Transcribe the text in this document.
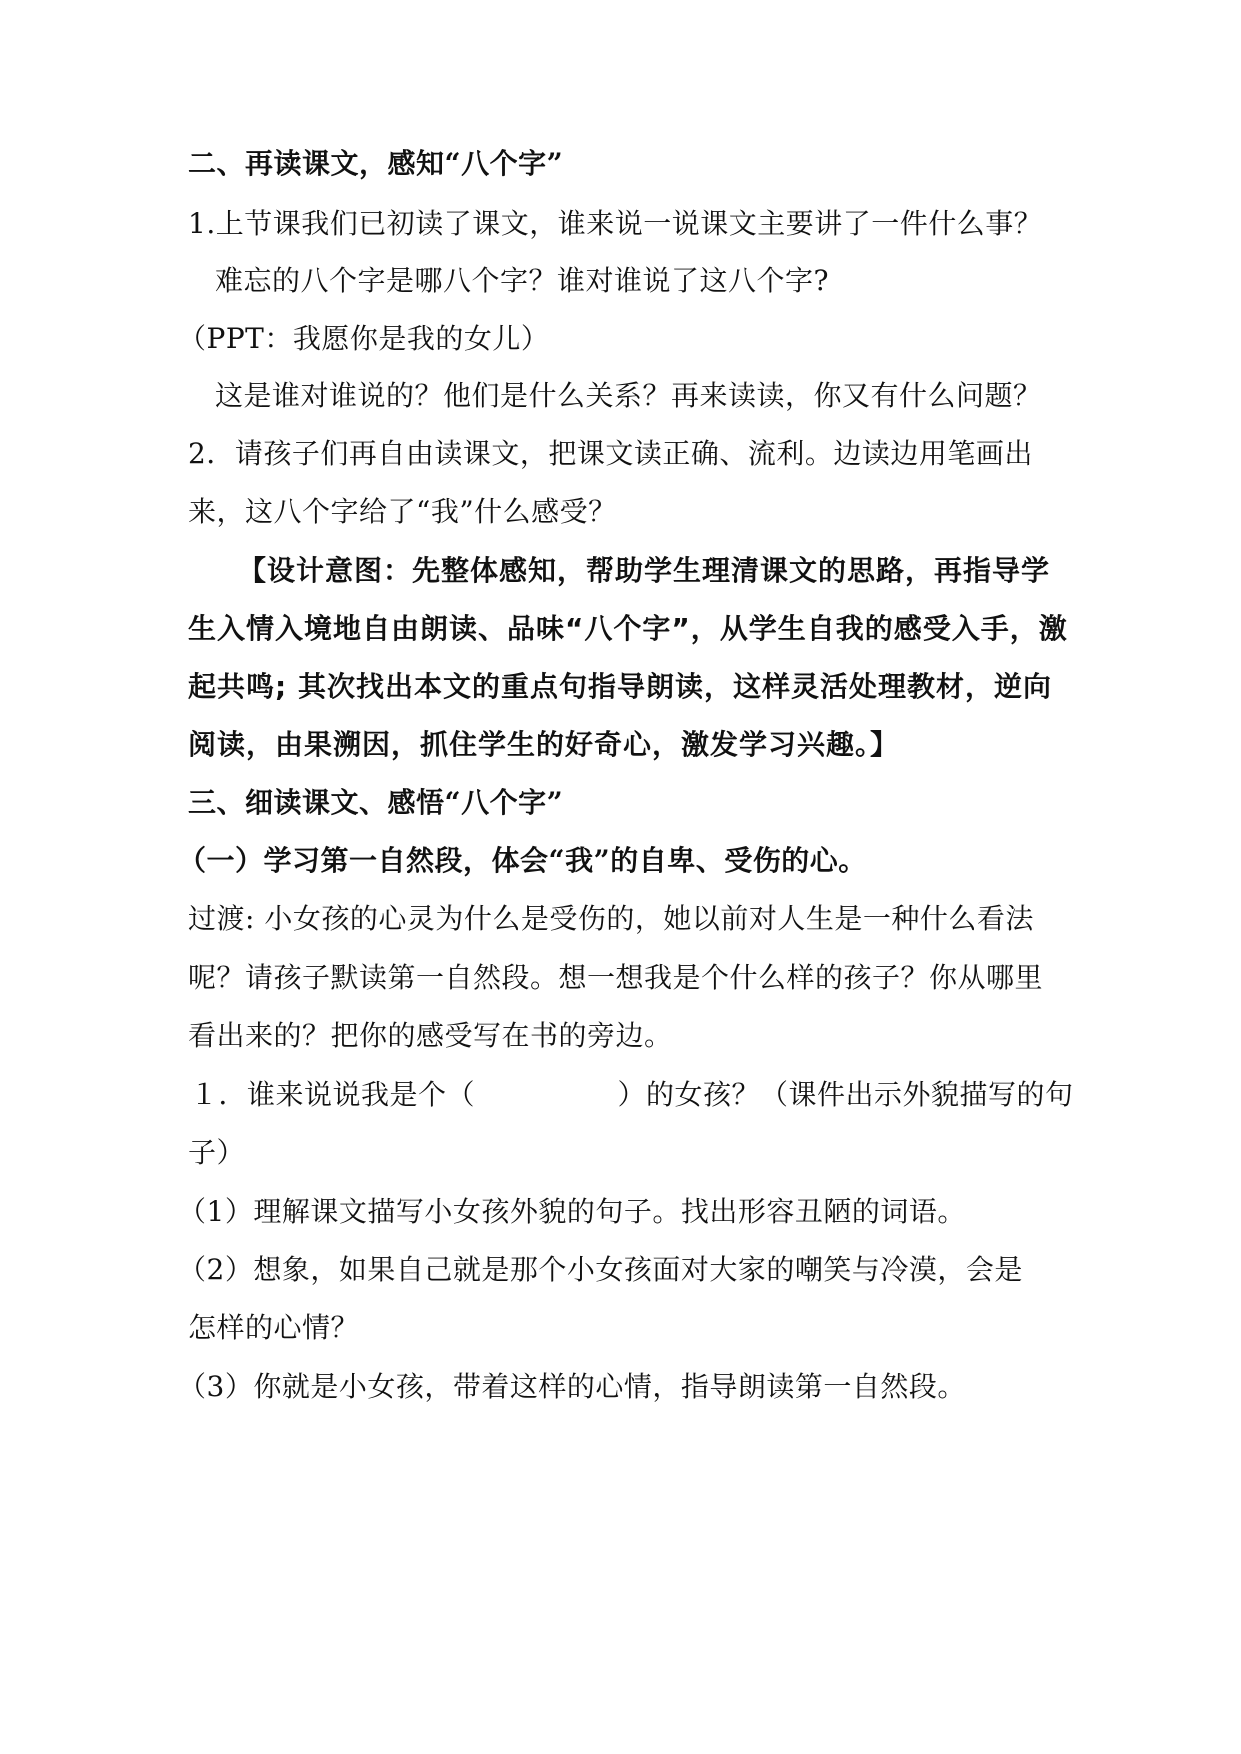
二、再读课文，感知“八个字”
1.上节课我们已初读了课文，谁来说一说课文主要讲了一件什么事？
难忘的八个字是哪八个字？谁对谁说了这八个字?
（PPT：我愿你是我的女儿）
这是谁对谁说的？他们是什么关系？再来读读，你又有什么问题？
2．请孩子们再自由读课文，把课文读正确、流利。边读边用笔画出
来，这八个字给了“我”什么感受？
【设计意图：先整体感知，帮助学生理清课文的思路，再指导学
生入情入境地自由朗读、品味“八个字”，从学生自我的感受入手，激
起共鸣; 其次找出本文的重点句指导朗读，这样灵活处理教材，逆向
阅读，由果溯因，抓住学生的好奇心，激发学习兴趣。】
三、细读课文、感悟“八个字”
（一）学习第一自然段，体会“我”的自卑、受伤的心。
过渡: 小女孩的心灵为什么是受伤的，她以前对人生是一种什么看法
呢？请孩子默读第一自然段。想一想我是个什么样的孩子？你从哪里
看出来的？把你的感受写在书的旁边。
１．谁来说说我是个（　　　　　）的女孩？（课件出示外貌描写的句
子）
（1）理解课文描写小女孩外貌的句子。找出形容丑陋的词语。
（2）想象，如果自己就是那个小女孩面对大家的嘲笑与冷漠，会是
怎样的心情？
（3）你就是小女孩，带着这样的心情，指导朗读第一自然段。
